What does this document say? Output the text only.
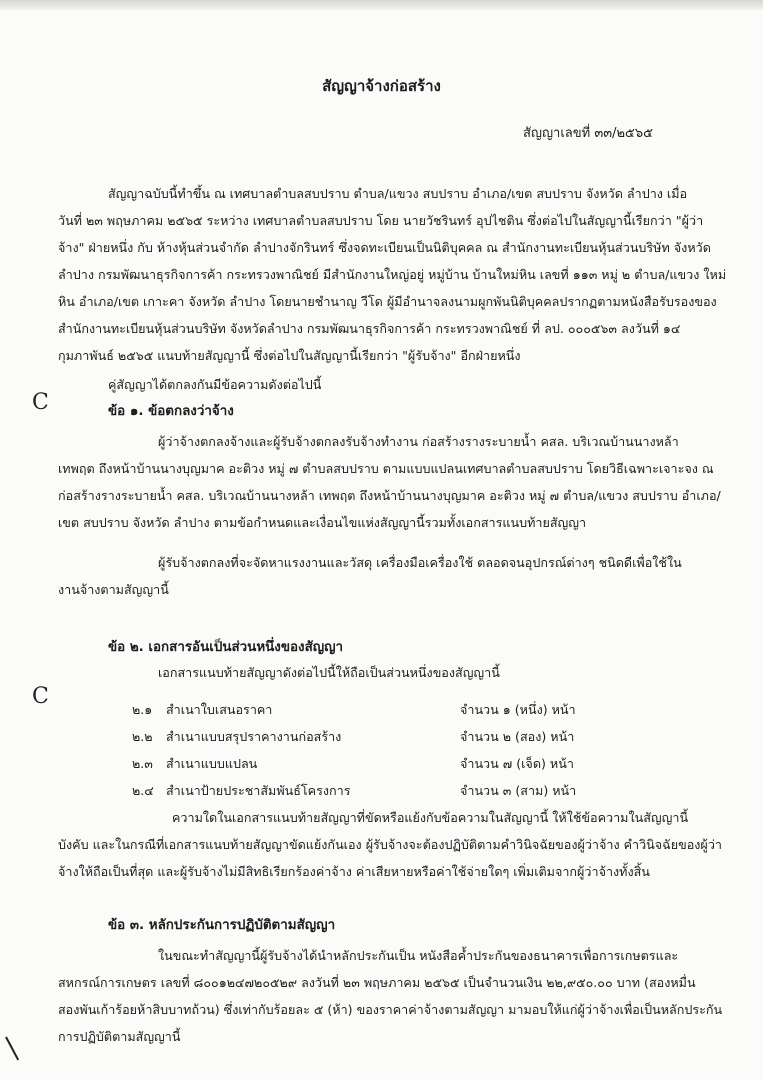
สัญญาจ้างก่อสร้าง
สัญญาเลขที่ ๓๓/๒๕๖๕
สัญญาฉบับนี้ทำขึ้น ณ เทศบาลตำบลสบปราบ ตำบล/แขวง สบปราบ อำเภอ/เขต สบปราบ จังหวัด ลำปาง เมื่อ
วันที่ ๒๓ พฤษภาคม ๒๕๖๕ ระหว่าง เทศบาลตำบลสบปราบ โดย นายวัชรินทร์ อุปไชติน ซึ่งต่อไปในสัญญานี้เรียกว่า "ผู้ว่า
จ้าง" ฝ่ายหนึ่ง กับ ห้างหุ้นส่วนจำกัด ลำปางจักรินทร์ ซึ่งจดทะเบียนเป็นนิติบุคคล ณ สำนักงานทะเบียนหุ้นส่วนบริษัท จังหวัด
ลำปาง กรมพัฒนาธุรกิจการค้า กระทรวงพาณิชย์ มีสำนักงานใหญ่อยู่ หมู่บ้าน บ้านใหม่หิน เลขที่ ๑๑๓ หมู่ ๒ ตำบล/แขวง ใหม่
หิน อำเภอ/เขต เกาะคา จังหวัด ลำปาง โดยนายชำนาญ วีโด ผู้มีอำนาจลงนามผูกพันนิติบุคคลปรากฏตามหนังสือรับรองของ
สำนักงานทะเบียนหุ้นส่วนบริษัท จังหวัดลำปาง กรมพัฒนาธุรกิจการค้า กระทรวงพาณิชย์ ที่ ลป. ๐๐๐๕๖๓ ลงวันที่ ๑๔
กุมภาพันธ์ ๒๕๖๕ แนบท้ายสัญญานี้ ซึ่งต่อไปในสัญญานี้เรียกว่า "ผู้รับจ้าง" อีกฝ่ายหนึ่ง
คู่สัญญาได้ตกลงกันมีข้อความดังต่อไปนี้
C	ข้อ ๑. ข้อตกลงว่าจ้าง
ผู้ว่าจ้างตกลงจ้างและผู้รับจ้างตกลงรับจ้างทำงาน ก่อสร้างรางระบายน้ำ คสล. บริเวณบ้านนางหล้า
เทพฤต ถึงหน้าบ้านนางบุญมาค อะติวง หมู่ ๗ ตำบลสบปราบ ตามแบบแปลนเทศบาลตำบลสบปราบ โดยวิธีเฉพาะเจาะจง ณ
ก่อสร้างรางระบายน้ำ คสล. บริเวณบ้านนางหล้า เทพฤต ถึงหน้าบ้านนางบุญมาค อะติวง หมู่ ๗ ตำบล/แขวง สบปราบ อำเภอ/
เขต สบปราบ จังหวัด ลำปาง ตามข้อกำหนดและเงื่อนไขแห่งสัญญานี้รวมทั้งเอกสารแนบท้ายสัญญา
ผู้รับจ้างตกลงที่จะจัดหาแรงงานและวัสดุ เครื่องมือเครื่องใช้ ตลอดจนอุปกรณ์ต่างๆ ชนิดดีเพื่อใช้ใน
งานจ้างตามสัญญานี้
ข้อ ๒. เอกสารอันเป็นส่วนหนึ่งของสัญญา
เอกสารแนบท้ายสัญญาดังต่อไปนี้ให้ถือเป็นส่วนหนึ่งของสัญญานี้
C
๒.๑ สำเนาใบเสนอราคา	จำนวน ๑ (หนึ่ง) หน้า
๒.๒ สำเนาแบบสรุปราคางานก่อสร้าง	จำนวน ๒ (สอง) หน้า
๒.๓ สำเนาแบบแปลน	จำนวน ๗ (เจ็ด) หน้า
๒.๔ สำเนาป้ายประชาสัมพันธ์โครงการ	จำนวน ๓ (สาม) หน้า
ความใดในเอกสารแนบท้ายสัญญาที่ขัดหรือแย้งกับข้อความในสัญญานี้ ให้ใช้ข้อความในสัญญานี้
บังคับ และในกรณีที่เอกสารแนบท้ายสัญญาขัดแย้งกันเอง ผู้รับจ้างจะต้องปฏิบัติตามคำวินิจฉัยของผู้ว่าจ้าง คำวินิจฉัยของผู้ว่า
จ้างให้ถือเป็นที่สุด และผู้รับจ้างไม่มีสิทธิเรียกร้องค่าจ้าง ค่าเสียหายหรือค่าใช้จ่ายใดๆ เพิ่มเติมจากผู้ว่าจ้างทั้งสิ้น
ข้อ ๓. หลักประกันการปฏิบัติตามสัญญา
ในขณะทำสัญญานี้ผู้รับจ้างได้นำหลักประกันเป็น หนังสือค้ำประกันของธนาคารเพื่อการเกษตรและ
สหกรณ์การเกษตร เลขที่ ๘๐๐๑๒๔๗๒๐๕๒๙ ลงวันที่ ๒๓ พฤษภาคม ๒๕๖๕ เป็นจำนวนเงิน ๒๒,๙๕๐.๐๐ บาท (สองหมื่น
สองพันเก้าร้อยห้าสิบบาทถ้วน) ซึ่งเท่ากับร้อยละ ๕ (ห้า) ของราคาค่าจ้างตามสัญญา มามอบให้แก่ผู้ว่าจ้างเพื่อเป็นหลักประกัน
การปฏิบัติตามสัญญานี้
